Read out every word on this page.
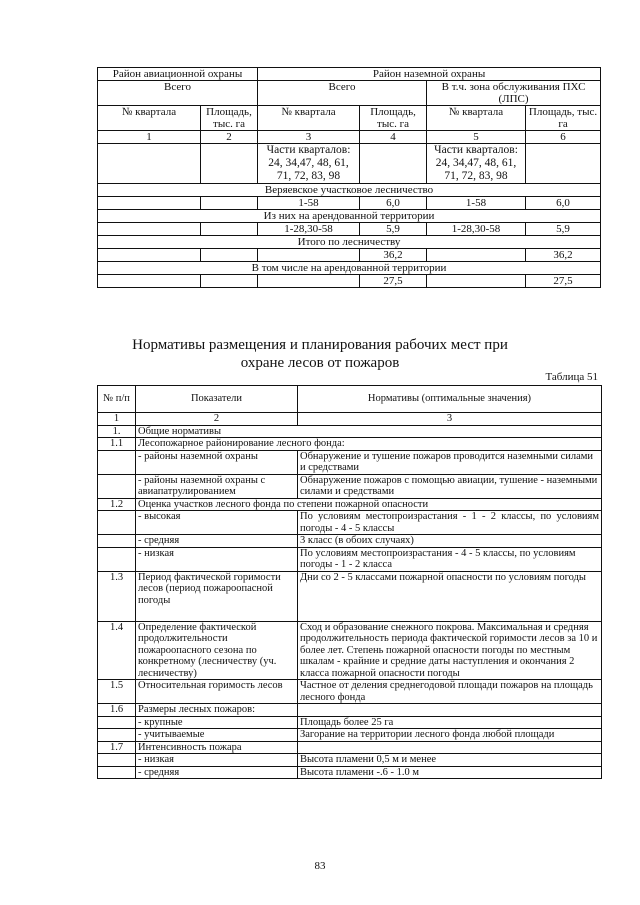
Район авиационной охраны		Район наземной охраны			
Всего		Всего		В т.ч. зона обслуживания ПХС (ЛПС)	
№ квартала	Площадь, тыс. га	№ квартала	Площадь, тыс. га	№ квартала	Площадь, тыс. га
1	2	3	4	5	6
		Части кварталов: 24, 34,47, 48, 61, 71, 72, 83, 98		Части кварталов: 24, 34,47, 48, 61, 71, 72, 83, 98	
Веряевское участковое лесничество					
		1-58	6,0	1-58	6,0
Из них на арендованной территории					
		1-28,30-58	5,9	1-28,30-58	5,9
Итого по лесничеству					
			36,2		36,2
В том числе на арендованной территории					
			27,5		27,5
Нормативы размещения и планирования рабочих мест при охране лесов от пожаров
Таблица 51
№ п/п	Показатели	Нормативы (оптимальные значения)
1	2	3
1.	Общие нормативы	
1.1	Лесопожарное районирование лесного фонда:	
	- районы наземной охраны	Обнаружение и тушение пожаров проводится наземными силами и средствами
	- районы наземной охраны с авиапатрулированием	Обнаружение пожаров с помощью авиации, тушение - наземными силами и средствами
1.2	Оценка участков лесного фонда по степени пожарной опасности	
	- высокая	По условиям местопроизрастания - 1 - 2 классы, по условиям погоды - 4 - 5 классы
	- средняя	3 класс (в обоих случаях)
	- низкая	По условиям местопроизрастания - 4 - 5 классы, по условиям погоды - 1 - 2 класса
1.3	Период фактической горимости лесов (период пожароопасной погоды	Дни со 2 - 5 классами пожарной опасности по условиям погоды
1.4	Определение фактической продолжительности пожароопасного сезона по конкретному (лесничеству (уч. лесничеству)	Сход и образование снежного покрова. Максимальная и средняя продолжительность периода фактической горимости лесов за 10 и более лет. Степень пожарной опасности погоды по местным шкалам - крайние и средние даты наступления и окончания 2 класса пожарной опасности погоды
1.5	Относительная горимость лесов	Частное от деления среднегодовой площади пожаров на площадь лесного фонда
1.6	Размеры лесных пожаров:	
	- крупные	Площадь более 25 га
	- учитываемые	Загорание на территории лесного фонда любой площади
1.7	Интенсивность пожара	
	- низкая	Высота пламени 0,5 м и менее
	- средняя	Высота пламени -.6 - 1.0 м
83
